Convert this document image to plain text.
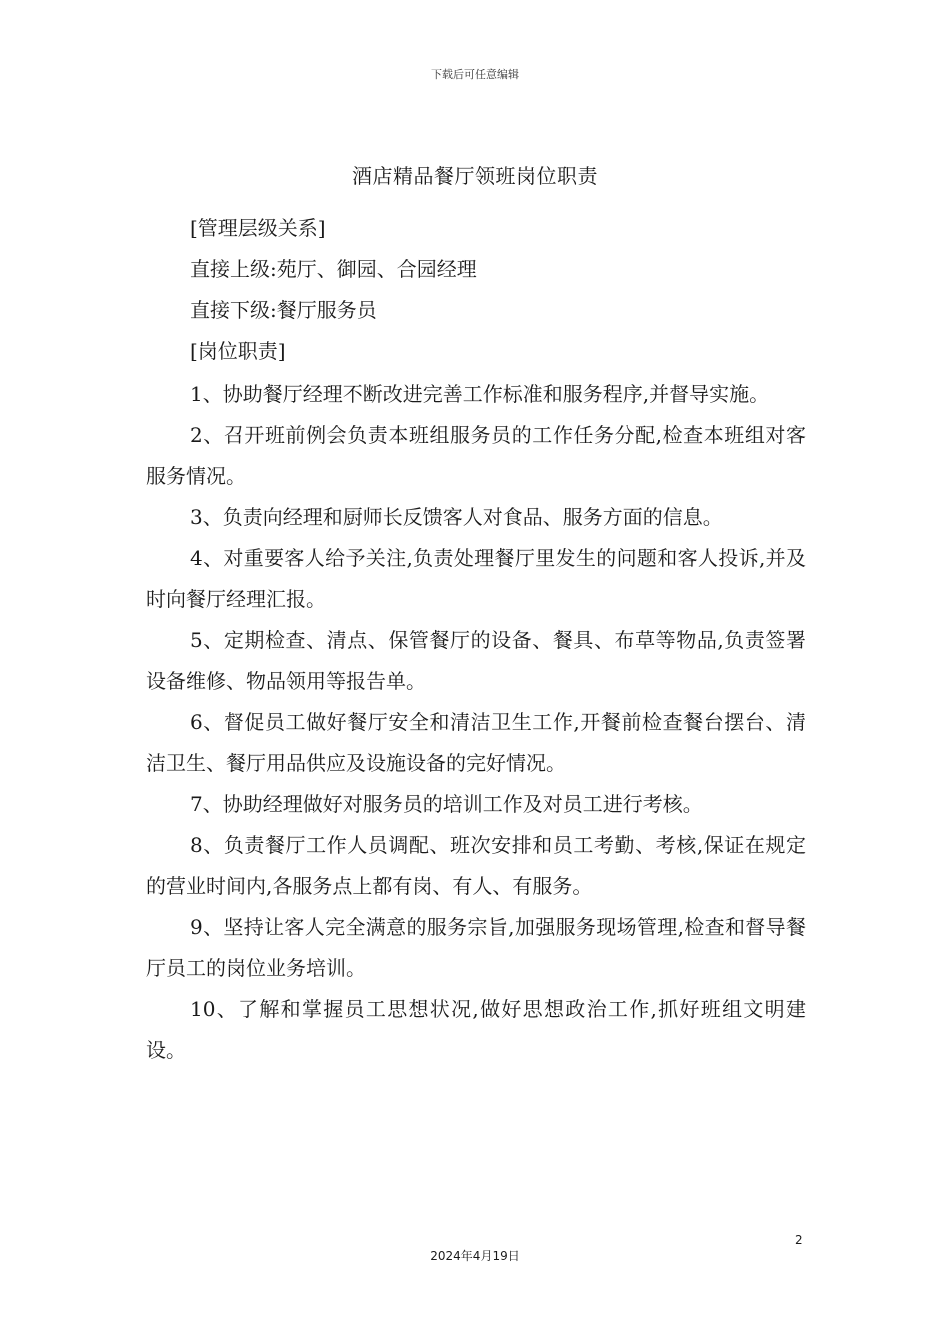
下载后可任意编辑
酒店精品餐厅领班岗位职责

[管理层级关系]

直接上级:苑厅、御园、合园经理

直接下级:餐厅服务员

[岗位职责]

1、协助餐厅经理不断改进完善工作标准和服务程序,并督导实施。

2、召开班前例会负责本班组服务员的工作任务分配,检查本班组对客服务情况。

3、负责向经理和厨师长反馈客人对食品、服务方面的信息。

4、对重要客人给予关注,负责处理餐厅里发生的问题和客人投诉,并及时向餐厅经理汇报。

5、定期检查、清点、保管餐厅的设备、餐具、布草等物品,负责签署设备维修、物品领用等报告单。

6、督促员工做好餐厅安全和清洁卫生工作,开餐前检查餐台摆台、清洁卫生、餐厅用品供应及设施设备的完好情况。

7、协助经理做好对服务员的培训工作及对员工进行考核。

8、负责餐厅工作人员调配、班次安排和员工考勤、考核,保证在规定的营业时间内,各服务点上都有岗、有人、有服务。

9、坚持让客人完全满意的服务宗旨,加强服务现场管理,检查和督导餐厅员工的岗位业务培训。

10、了解和掌握员工思想状况,做好思想政治工作,抓好班组文明建设。

2
2024年4月19日
